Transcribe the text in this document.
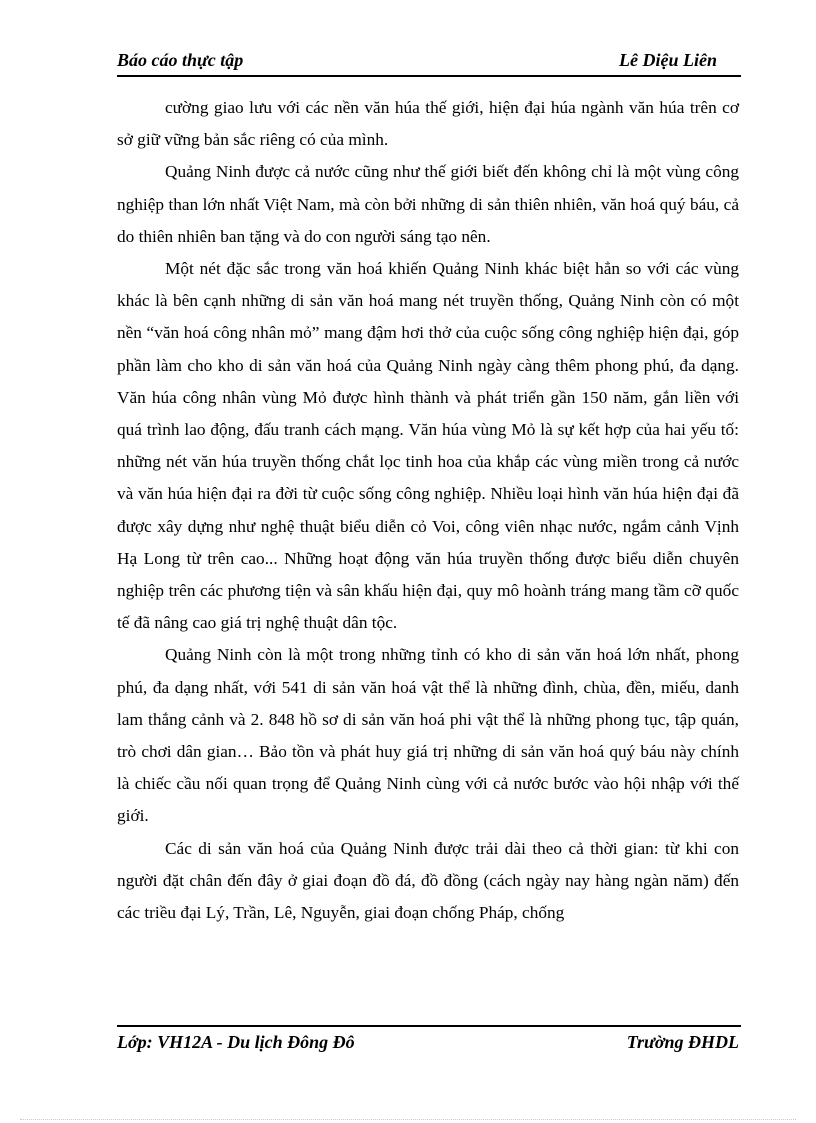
Báo cáo thực tập	Lê Diệu Liên

cường giao lưu với các nền văn húa thế giới, hiện đại húa ngành văn húa trên cơ sở giữ vững bản sắc riêng có của mình.

Quảng Ninh được cả nước cũng như thế giới biết đến không chỉ là một vùng công nghiệp than lớn nhất Việt Nam, mà còn bởi những di sản thiên nhiên, văn hoá quý báu, cả do thiên nhiên ban tặng và do con người sáng tạo nên.

Một nét đặc sắc trong văn hoá khiến Quảng Ninh khác biệt hẳn so với các vùng khác là bên cạnh những di sản văn hoá mang nét truyền thống, Quảng Ninh còn có một nền “văn hoá công nhân mỏ” mang đậm hơi thở của cuộc sống công nghiệp hiện đại, góp phần làm cho kho di sản văn hoá của Quảng Ninh ngày càng thêm phong phú, đa dạng. Văn húa công nhân vùng Mỏ được hình thành và phát triển gần 150 năm, gắn liền với quá trình lao động, đấu tranh cách mạng. Văn húa vùng Mỏ là sự kết hợp của hai yếu tố: những nét văn húa truyền thống chắt lọc tinh hoa của khắp các vùng miền trong cả nước và văn húa hiện đại ra đời từ cuộc sống công nghiệp. Nhiều loại hình văn húa hiện đại đã được xây dựng như nghệ thuật biểu diễn cỏ Voi, công viên nhạc nước, ngắm cảnh Vịnh Hạ Long từ trên cao... Những hoạt động văn húa truyền thống được biểu diễn chuyên nghiệp trên các phương tiện và sân khấu hiện đại, quy mô hoành tráng mang tầm cỡ quốc tế đã nâng cao giá trị nghệ thuật dân tộc.

Quảng Ninh còn là một trong những tỉnh có kho di sản văn hoá lớn nhất, phong phú, đa dạng nhất, với 541 di sản văn hoá vật thể là những đình, chùa, đền, miếu, danh lam thắng cảnh và 2. 848 hồ sơ di sản văn hoá phi vật thể là những phong tục, tập quán, trò chơi dân gian… Bảo tồn và phát huy giá trị những di sản văn hoá quý báu này chính là chiếc cầu nối quan trọng để Quảng Ninh cùng với cả nước bước vào hội nhập với thế giới.

Các di sản văn hoá của Quảng Ninh được trải dài theo cả thời gian: từ khi con người đặt chân đến đây ở giai đoạn đồ đá, đồ đồng (cách ngày nay hàng ngàn năm) đến các triều đại Lý, Trần, Lê, Nguyễn, giai đoạn chống Pháp, chống

Lớp: VH12A - Du lịch Đông Đô	Trường ĐHDL
